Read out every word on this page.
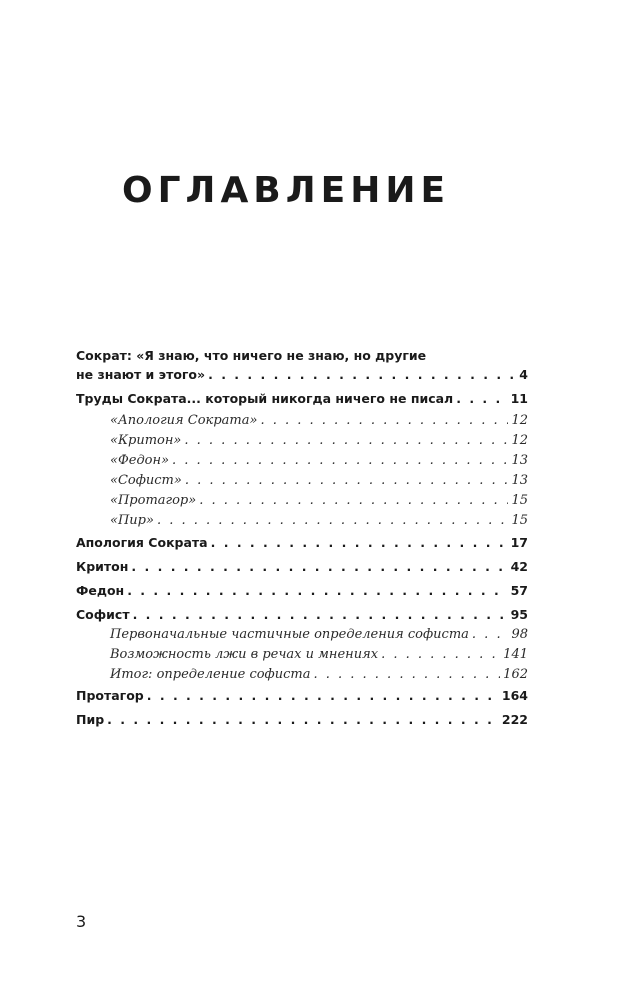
ОГЛАВЛЕНИЕ
Сократ: «Я знаю, что ничего не знаю, но другие
не знают и этого» . . .	4
Труды Сократа... который никогда ничего не писал . . .	11
«Апология Сократа» . . .	12
«Критон» . . .	12
«Федон» . . .	13
«Софист» . . .	13
«Протагор» . . .	15
«Пир» . . .	15
Апология Сократа . . .	17
Критон . . .	42
Федон . . .	57
Софист . . .	95
Первоначальные частичные определения софиста . . .	98
Возможность лжи в речах и мнениях . . .	141
Итог: определение софиста . . .	162
Протагор . . .	164
Пир . . .	222
3
